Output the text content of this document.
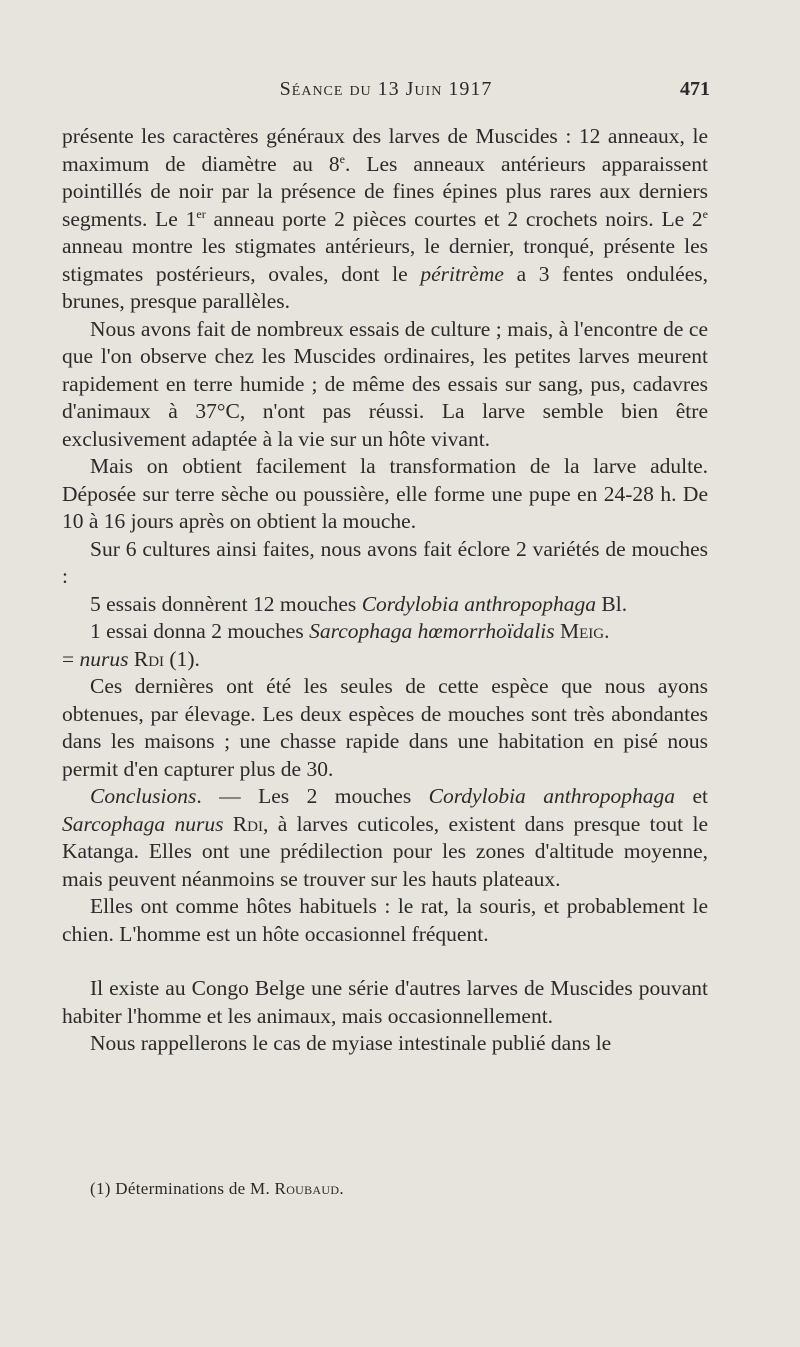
Séance du 13 Juin 1917	471

présente les caractères généraux des larves de Muscides : 12 anneaux, le maximum de diamètre au 8e. Les anneaux antérieurs apparaissent pointillés de noir par la présence de fines épines plus rares aux derniers segments. Le 1er anneau porte 2 pièces courtes et 2 crochets noirs. Le 2e anneau montre les stigmates antérieurs, le dernier, tronqué, présente les stigmates postérieurs, ovales, dont le péritrème a 3 fentes ondulées, brunes, presque parallèles.

Nous avons fait de nombreux essais de culture ; mais, à l'encontre de ce que l'on observe chez les Muscides ordinaires, les petites larves meurent rapidement en terre humide ; de même des essais sur sang, pus, cadavres d'animaux à 37°C, n'ont pas réussi. La larve semble bien être exclusivement adaptée à la vie sur un hôte vivant.

Mais on obtient facilement la transformation de la larve adulte. Déposée sur terre sèche ou poussière, elle forme une pupe en 24-28 h. De 10 à 16 jours après on obtient la mouche.

Sur 6 cultures ainsi faites, nous avons fait éclore 2 variétés de mouches :

5 essais donnèrent 12 mouches Cordylobia anthropophaga Bl.

1 essai donna 2 mouches Sarcophaga hœmorrhoïdalis Meig.
= nurus Rdi (1).

Ces dernières ont été les seules de cette espèce que nous ayons obtenues, par élevage. Les deux espèces de mouches sont très abondantes dans les maisons ; une chasse rapide dans une habitation en pisé nous permit d'en capturer plus de 30.

Conclusions. — Les 2 mouches Cordylobia anthropophaga et Sarcophaga nurus Rdi, à larves cuticoles, existent dans presque tout le Katanga. Elles ont une prédilection pour les zones d'altitude moyenne, mais peuvent néanmoins se trouver sur les hauts plateaux.

Elles ont comme hôtes habituels : le rat, la souris, et probablement le chien. L'homme est un hôte occasionnel fréquent.

Il existe au Congo Belge une série d'autres larves de Muscides pouvant habiter l'homme et les animaux, mais occasionnellement.

Nous rappellerons le cas de myiase intestinale publié dans le

(1) Déterminations de M. Roubaud.
